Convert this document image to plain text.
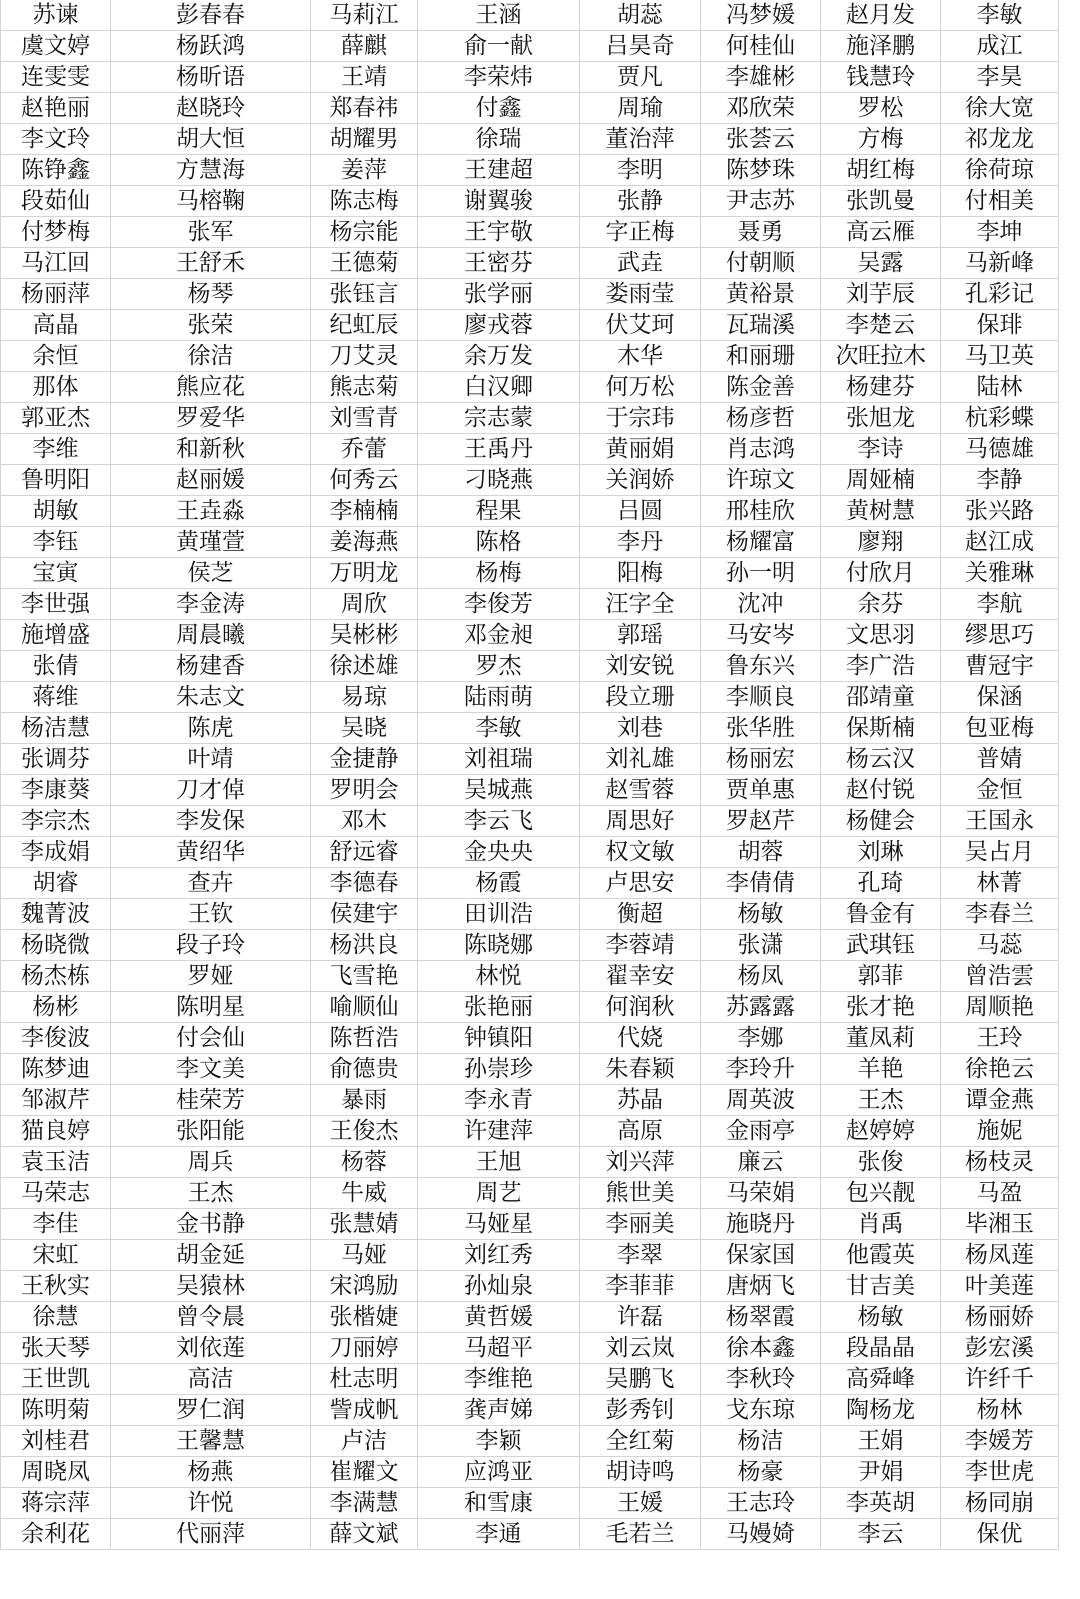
苏谏	彭春春	马莉江	王涵	胡蕊	冯梦媛	赵月发	李敏
虞文婷	杨跃鸿	薛麒	俞一献	吕昊奇	何桂仙	施泽鹏	成江
连雯雯	杨昕语	王靖	李荣炜	贾凡	李雄彬	钱慧玲	李昊
赵艳丽	赵晓玲	郑春祎	付鑫	周瑜	邓欣荣	罗松	徐大宽
李文玲	胡大恒	胡耀男	徐瑞	董治萍	张荟云	方梅	祁龙龙
陈铮鑫	方慧海	姜萍	王建超	李明	陈梦珠	胡红梅	徐荷琼
段茹仙	马榕鞠	陈志梅	谢翼骏	张静	尹志苏	张凯曼	付相美
付梦梅	张军	杨宗能	王宇敬	字正梅	聂勇	高云雁	李坤
马江回	王舒禾	王德菊	王密芬	武垚	付朝顺	吴露	马新峰
杨丽萍	杨琴	张钰言	张学丽	娄雨莹	黄裕景	刘芋辰	孔彩记
高晶	张荣	纪虹辰	廖戎蓉	伏艾珂	瓦瑞溪	李楚云	保琲
余恒	徐洁	刀艾灵	余万发	木华	和丽珊	次旺拉木	马卫英
那体	熊应花	熊志菊	白汉卿	何万松	陈金善	杨建芬	陆林
郭亚杰	罗爱华	刘雪青	宗志蒙	于宗玮	杨彦哲	张旭龙	杭彩蝶
李维	和新秋	乔蕾	王禹丹	黄丽娟	肖志鸿	李诗	马德雄
鲁明阳	赵丽媛	何秀云	刁晓燕	关润娇	许琼文	周娅楠	李静
胡敏	王垚淼	李楠楠	程果	吕圆	邢桂欣	黄树慧	张兴路
李钰	黄瑾萱	姜海燕	陈格	李丹	杨耀富	廖翔	赵江成
宝寅	侯芝	万明龙	杨梅	阳梅	孙一明	付欣月	关雅琳
李世强	李金涛	周欣	李俊芳	汪字全	沈冲	余芬	李航
施增盛	周晨曦	吴彬彬	邓金昶	郭瑶	马安岑	文思羽	缪思巧
张倩	杨建香	徐述雄	罗杰	刘安锐	鲁东兴	李广浩	曹冠宇
蒋维	朱志文	易琼	陆雨萌	段立珊	李顺良	邵靖童	保涵
杨洁慧	陈虎	吴晓	李敏	刘巷	张华胜	保斯楠	包亚梅
张调芬	叶靖	金捷静	刘祖瑞	刘礼雄	杨丽宏	杨云汉	普婧
李康葵	刀才倬	罗明会	吴城燕	赵雪蓉	贾单惠	赵付锐	金恒
李宗杰	李发保	邓木	李云飞	周思好	罗赵芹	杨健会	王国永
李成娟	黄绍华	舒远睿	金央央	权文敏	胡蓉	刘琳	吴占月
胡睿	查卉	李德春	杨霞	卢思安	李倩倩	孔琦	林菁
魏菁波	王钦	侯建宇	田训浩	衡超	杨敏	鲁金有	李春兰
杨晓微	段子玲	杨洪良	陈晓娜	李蓉靖	张潇	武琪钰	马蕊
杨杰栋	罗娅	飞雪艳	林悦	翟幸安	杨凤	郭菲	曾浩雲
杨彬	陈明星	喻顺仙	张艳丽	何润秋	苏露露	张才艳	周顺艳
李俊波	付会仙	陈哲浩	钟镇阳	代娆	李娜	董凤莉	王玲
陈梦迪	李文美	俞德贵	孙崇珍	朱春颖	李玲升	羊艳	徐艳云
邹淑芹	桂荣芳	暴雨	李永青	苏晶	周英波	王杰	谭金燕
猫良婷	张阳能	王俊杰	许建萍	高原	金雨亭	赵婷婷	施妮
袁玉洁	周兵	杨蓉	王旭	刘兴萍	廉云	张俊	杨枝灵
马荣志	王杰	牛威	周艺	熊世美	马荣娟	包兴靓	马盈
李佳	金书静	张慧婧	马娅星	李丽美	施晓丹	肖禹	毕湘玉
宋虹	胡金延	马娅	刘红秀	李翠	保家国	他霞英	杨凤莲
王秋实	吴猿林	宋鸿励	孙灿泉	李菲菲	唐炳飞	甘吉美	叶美莲
徐慧	曾令晨	张楷婕	黄哲媛	许磊	杨翠霞	杨敏	杨丽娇
张天琴	刘依莲	刀丽婷	马超平	刘云岚	徐本鑫	段晶晶	彭宏溪
王世凯	高洁	杜志明	李维艳	吴鹏飞	李秋玲	高舜峰	许纤千
陈明菊	罗仁润	訾成帆	龚声娣	彭秀钊	戈东琼	陶杨龙	杨林
刘桂君	王馨慧	卢洁	李颖	全红菊	杨洁	王娟	李媛芳
周晓凤	杨燕	崔耀文	应鸿亚	胡诗鸣	杨豪	尹娟	李世虎
蒋宗萍	许悦	李满慧	和雪康	王媛	王志玲	李英胡	杨同崩
余利花	代丽萍	薛文斌	李通	毛若兰	马嫚婍	李云	保优
